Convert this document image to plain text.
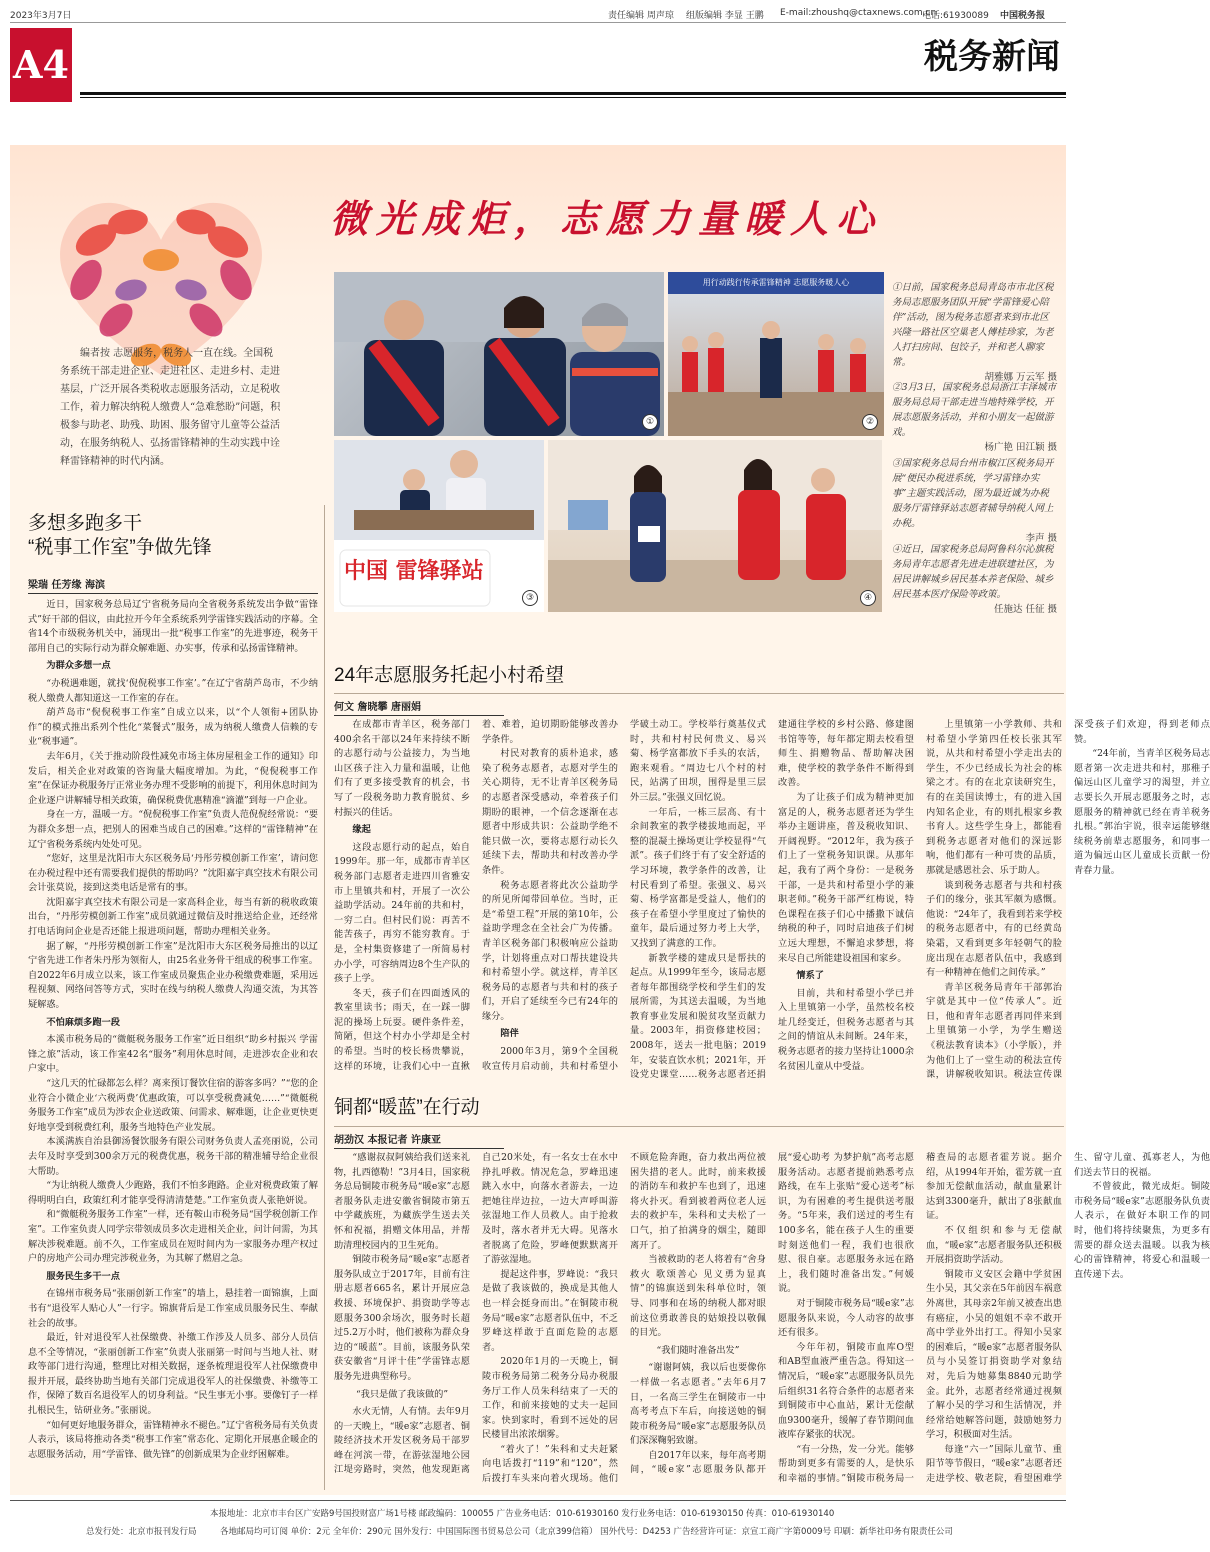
2023年3月7日	责任编辑 周声琼 组版编辑 李显 王鹏 E-mail:zhoushq@ctaxnews.com.cn
电话:61930089 中国税务报
A4	税务新闻
微光成炬，志愿力量暖人心
编者按 志愿服务，税务人一直在线。全国税务系统干部走进企业、走进社区、走进乡村、走进基层，广泛开展各类税收志愿服务活动，立足税收工作，着力解决纳税人缴费人“急难愁盼”问题，积极参与助老、助残、助困、服务留守儿童等公益活动，在服务纳税人、弘扬雷锋精神的生动实践中诠释雷锋精神的时代内涵。
①
用行动践行传承雷锋精神 志愿服务暖人心
②
中国 雷锋驿站
③	④
①日前，国家税务总局青岛市市北区税务局志愿服务团队开展“学雷锋爱心陪伴”活动，图为税务志愿者来到市北区兴隆一路社区空巢老人傅桂珍家，为老人打扫房间、包饺子，并和老人聊家常。
胡雅娜 万云军 摄
②3月3日，国家税务总局浙江丰泽城市服务局总局干部走进当地特殊学校，开展志愿服务活动，并和小朋友一起做游戏。
杨广艳 田江颖 摄
③国家税务总局台州市椒江区税务局开展“便民办税进系统，学习雷锋办实事”主题实践活动，图为最近诚为办税服务厅雷锋驿站志愿者辅导纳税人网上办税。
李声 摄
④近日，国家税务总局阿鲁科尔沁旗税务局青年志愿者先进走进联建社区，为居民讲解城乡居民基本养老保险、城乡居民基本医疗保险等政策。
任施达 任征 摄
多想多跑多干
“税事工作室”争做先锋
梁瑞 任芳缘 海滨

近日，国家税务总局辽宁省税务局向全省税务系统发出争做“雷锋式”好干部的倡议，由此拉开今年全系统系列学雷锋实践活动的序幕。全省14个市级税务机关中，涌现出一批“税事工作室”的先进事迹，税务干部用自己的实际行动为群众解难题、办实事，传承和弘扬雷锋精神。

为群众多想一点

“办税遇难题，就找‘倪倪税事工作室’。”在辽宁省葫芦岛市，不少纳税人缴费人都知道这一工作室的存在。

葫芦岛市“倪倪税事工作室”自成立以来，以“个人领衔+团队协作”的模式推出系列个性化“菜餐式”服务，成为纳税人缴费人信赖的专业“税事通”。

去年6月，《关于推动阶段性减免市场主体房屋租金工作的通知》印发后，相关企业对政策的咨询量大幅度增加。为此，“倪倪税事工作室”在保证办税服务厅正常业务办理不受影响的前提下，利用休息时间为企业逐户讲解辅导相关政策，确保税费优惠精准“滴灌”到每一户企业。

身在一方，温暖一方。“倪倪税事工作室”负责人范倪倪经常说：“要为群众多想一点，把别人的困难当成自己的困难。”这样的“雷锋精神”在辽宁省税务系统内处处可见。

“您好，这里是沈阳市大东区税务局‘丹彤劳模创新工作室’，请问您在办税过程中还有需要我们提供的帮助吗？”沈阳嘉宇真空技术有限公司会计张莫说，接到这类电话是常有的事。

沈阳嘉宇真空技术有限公司是一家高科企业，每当有新的税收政策出台，“丹彤劳模创新工作室”成员就通过微信及时推送给企业，还经常打电话询问企业是否还能上报进项问题，帮助办理相关业务。

据了解，“丹彤劳模创新工作室”是沈阳市大东区税务局推出的以辽宁省先进工作者朱丹彤为领衔人，由25名业务骨干组成的税事工作室。自2022年6月成立以来，该工作室成员聚焦企业办税缴费难题，采用远程视频、网络问答等方式，实时在线与纳税人缴费人沟通交流，为其答疑解惑。

不怕麻烦多跑一段

本溪市税务局的“微艇税务服务工作室”近日组织“助乡村振兴 学雷锋之旅”活动，该工作室42名“服务”利用休息时间，走进涉农企业和农户家中。

“这几天的忙碌都怎么样？离来预订餐饮住宿的游客多吗？”“您的企业符合小微企业‘六税两费’优惠政策，可以享受税费减免……”“微艇税务服务工作室”成员为涉农企业送政策、问需求、解难题，让企业更快更好地享受到税费红利，服务当地特色产业发展。

本溪满族自治县御汤餐饮服务有限公司财务负责人孟亮丽说，公司去年及时享受到300余万元的税费优惠，税务干部的精准辅导给企业很大帮助。

“为让纳税人缴费人少跑路，我们不怕多跑路。企业对税费政策了解得明明白白，政策红利才能享受得清清楚楚。”工作室负责人张艳妍说。

和“微艇税务服务工作室”一样，还有鞍山市税务局“国学税创新工作室”。工作室负责人同学宗带领成员多次走进相关企业，问计问需，为其解决涉税难题。前不久，工作室成员在短时间内为一家服务办理产权过户的房地产公司办理完涉税业务，为其解了燃眉之急。

服务民生多干一点

在锦州市税务局“张丽创新工作室”的墙上，悬挂着一面锦旗，上面书有“退役军人贴心人”一行字。锦旗背后是工作室成员服务民生、奉献社会的故事。

最近，针对退役军人社保缴费、补缴工作涉及人员多、部分人员信息不全等情况，“张丽创新工作室”负责人张丽第一时间与当地人社、财政等部门进行沟通，整理比对相关数据，逐条梳理退役军人社保缴费申报并开展，最终协助当地有关部门完成退役军人的社保缴费、补缴等工作，保障了数百名退役军人的切身利益。“民生事无小事。要像钉子一样扎根民生，钻研业务。”张丽说。

“如何更好地服务群众，雷锋精神永不褪色。”辽宁省税务局有关负责人表示，该局将推动各类“税事工作室”常态化、定期化开展惠企暖企的志愿服务活动，用“学雷锋、做先锋”的创新成果为企业纾困解难。

24年志愿服务托起小村希望
何文 詹晓攀 唐丽娟

在成都市青羊区，税务部门400余名干部以24年来持续不断的志愿行动与公益接力，为当地山区孩子注入力量和温暖，让他们有了更多接受教育的机会，书写了一段税务助力教育脱贫、乡村振兴的佳话。

缘起

这段志愿行动的起点，始自1999年。那一年，成都市青羊区税务部门志愿者走进四川省雅安市上里镇共和村，开展了一次公益助学活动。24年前的共和村，一穷二白。但村民们说：再苦不能苦孩子，再穷不能穷教育。于是，全村集资修建了一所简易村办小学，可容纳周边8个生产队的孩子上学。

冬天，孩子们在四面透风的教室里读书；雨天，在一踩一脚泥的操场上玩耍。硬件条件差，简陋，但这个村办小学却是全村的希望。当时的校长杨贵攀说，这样的环境，让我们心中一直揪着、难着，迫切期盼能够改善办学条件。

村民对教育的质朴追求，感染了税务志愿者，志愿对学生的关心期待，无不让青羊区税务局的志愿者深受感动，牵着孩子们期盼的眼神，一个信念逐渐在志愿者中形成共识：公益助学绝不能只做一次，要将志愿行动长久延续下去，帮助共和村改善办学条件。

税务志愿者将此次公益助学的所见所闻带回单位。当时，正是“希望工程”开展的第10年，公益助学理念在全社会广为传播。青羊区税务部门积极响应公益助学，计划将重点对口帮扶建设共和村希望小学。就这样，青羊区税务局的志愿者与共和村的孩子们，开启了延续至今已有24年的缘分。

陪伴

2000年3月，第9个全国税收宣传月启动前，共和村希望小学破土动工。学校举行奠基仪式时，共和村村民何贵义、易兴菊、杨学富都放下手头的农活，跑来观看。“周边七八个村的村民，站满了田坝，围得是里三层外三层。”张强义回忆说。

一年后，一栋三层高、有十余间教室的教学楼拔地而起，平整的混凝土操场更让学校显得“气派”。孩子们终于有了安全舒适的学习环境，教学条件的改善，让村民看到了希望。张强义、易兴菊、杨学富都是受益人，他们的孩子在希望小学里度过了愉快的童年，最后通过努力考上大学，又找到了满意的工作。

新教学楼的建成只是帮扶的起点。从1999年至今，该局志愿者每年都围绕学校和学生们的发展所需，为其送去温暖，为当地教育事业发展和脱贫攻坚贡献力量。2003年，捐资修建校园；2008年，送去一批电脑；2019年，安装直饮水机；2021年，开设党史课堂……税务志愿者还捐建通往学校的乡村公路、修建图书馆等等，每年都定期去校看望师生、捐赠物品、帮助解决困难，使学校的教学条件不断得到改善。

为了让孩子们成为精神更加富足的人，税务志愿者还为学生举办主题讲座，普及税收知识、开阔视野。“2012年，我为孩子们上了一堂税务知识课。从那年起，我有了两个身份：一是税务干部，一是共和村希望小学的兼职老师。”税务干部严红梅说，特色课程在孩子们心中播撒下诚信纳税的种子，同时启迪孩子们树立远大理想，不懈追求梦想，将来尽自己所能建设祖国和家乡。

情系了

目前，共和村希望小学已并入上里镇第一小学，虽然校名校址几经变迁，但税务志愿者与其之间的情谊从未间断。24年来，税务志愿者的接力坚持让1000余名贫困儿童从中受益。

上里镇第一小学教师、共和村希望小学第四任校长张其军说，从共和村希望小学走出去的学生，不少已经成长为社会的栋梁之才。有的在北京读研究生，有的在美国读博士，有的进入国内知名企业，有的则扎根家乡教书育人。这些学生身上，都能看到税务志愿者对他们的深远影响，他们都有一种可贵的品质，那就是感恩社会、乐于助人。

谈到税务志愿者与共和村孩子们的缘分，张其军颇为感慨。他说：“24年了，我看到若来学校的税务志愿者中，有的已经黄岛染霜，又看到更多年轻朝气的脸庞出现在志愿者队伍中，我感到有一种精神在他们之间传承。”

青羊区税务局青年干部郭治宇就是其中一位“传承人”。近日，他和青年志愿者再同伴来到上里镇第一小学，为学生赠送《税法教育读本》（小学版），并为他们上了一堂生动的税法宣传课，讲解税收知识。税法宣传课深受孩子们欢迎，得到老师点赞。

“24年前，当青羊区税务局志愿者第一次走进共和村，那稚子偏远山区儿童学习的渴望，并立志要长久开展志愿服务之时，志愿服务的精神就已经在青羊税务扎根。”郭治宇说，很幸运能够继续税务前辈志愿服务，和同事一道为偏远山区儿童成长贡献一份青春力量。

铜都“暖蓝”在行动
胡劲汉 本报记者 许康亚

“感谢叔叔阿姨给我们送来礼物，扎西德勒！”3月4日，国家税务总局铜陵市税务局“暖e家”志愿者服务队走进安徽省铜陵市第五中学藏族班，为藏族学生送去关怀和祝福，捐赠文体用品，并帮助清理校园内的卫生死角。

铜陵市税务局“暖e家”志愿者服务队成立于2017年，目前有注册志愿者665名，累计开展应急救援、环境保护、捐资助学等志愿服务300余场次，服务时长超过5.2万小时，他们被称为群众身边的“暖蓝”。目前，该服务队荣获安徽省“月评十佳”学雷锋志愿服务先进典型称号。

“我只是做了我该做的”

水火无情，人有情。去年9月的一天晚上，“暖e家”志愿者、铜陵经济技术开发区税务局干部罗峰在河滨一带，在游弦湿地公园江堤旁路时，突然，他发现距离自己20米处，有一名女士在水中挣扎呼救。情况危急，罗峰迅速跳入水中，向落水者游去，一边把她往岸边拉，一边大声呼叫游弦湿地工作人员救人。由于抢救及时，落水者并无大碍。见落水者脱离了危险，罗峰便默默离开了游弦湿地。

提起这件事，罗峰说：“我只是做了我该做的，换成是其他人也一样会挺身而出。”在铜陵市税务局“暖e家”志愿者队伍中，不乏罗峰这样敢于直面危险的志愿者。

2020年1月的一天晚上，铜陵市税务局第二税务分局办税服务厅工作人员朱科结束了一天的工作，和前来接她的丈夫一起回家。快到家时，看到不远处的居民楼冒出浓浓烟雾。

“着火了！”朱科和丈夫赶紧向电话拨打“119”和“120”，然后拨打车头来向着火现场。他们不顾危险奔跑，奋力救出两位被困失措的老人。此时，前来救援的消防车和救护车也到了，迅速将火扑灭。看到被着两位老人远去的救护车，朱科和丈夫松了一口气，拍了拍满身的烟尘，随即离开了。

当被救助的老人将着有“舍身救火 歌颂善心 见义勇为显真情”的锦旗送到朱科单位时，领导、同事和在场的纳税人都对眼前这位勇敢善良的姑娘投以敬佩的目光。

“我们随时准备出发”

“谢谢阿姨，我以后也要像你一样做一名志愿者。”去年6月7日，一名高三学生在铜陵市一中高考考点下车后，向接送她的铜陵市税务局“暖e家”志愿服务队员们深深鞠躬致谢。

自2017年以来，每年高考期间，“暖e家”志愿服务队都开展“爱心助考 为梦护航”高考志愿服务活动。志愿者提前熟悉考点路线，在车上张贴“爱心送考”标识，为有困难的考生提供送考服务。“5年来，我们送过的考生有100多名，能在孩子人生的重要时刻送他们一程，我们也很欣慰、很自豪。志愿服务永远在路上，我们随时准备出发。”何媛说。

对于铜陵市税务局“暖e家”志愿服务队来说，今人动容的故事还有很多。

今年年初，铜陵市血库O型和AB型血液严重告急。得知这一情况后，“暖e家”志愿服务队员先后组织31名符合条件的志愿者来到铜陵市中心血站，累计无偿献血9300毫升，缓解了春节期间血液库存紧张的状况。

“有一分热，发一分光。能够帮助到更多有需要的人，是快乐和幸福的事情。”铜陵市税务局一稽查局的志愿者霍芳说。据介绍，从1994年开始，霍芳就一直参加无偿献血活动，献血量累计达到3300毫升，献出了8张献血证。

不仅组织和参与无偿献血，“暖e家”志愿者服务队还积极开展捐资助学活动。

铜陵市义安区会籍中学贫困生小吴，其父亲在5年前因车祸意外离世，其母亲2年前又被查出患有癌症，小吴的姐姐不幸不敢开高中学业外出打工。得知小吴家的困难后，“暖e家”志愿者服务队员与小吴签订捐资助学对象结对，先后为她募集8840元助学金。此外，志愿者经常通过视频了解小吴的学习和生活情况，并经常给她解答问题，鼓励她努力学习，积极面对生活。

每逢“六一”国际儿童节、重阳节等节假日，“暖e家”志愿者还走进学校、敬老院，看望困难学生、留守儿童、孤寡老人，为他们送去节日的祝福。

不曾彼此，微光成炬。铜陵市税务局“暖e家”志愿服务队负责人表示，在做好本职工作的同时，他们将持续聚焦，为更多有需要的群众送去温暖。以我为核心的雷锋精神，将爱心和温暖一直传递下去。

本报地址：北京市丰台区广安路9号国投财富广场1号楼 邮政编码：100055 广告业务电话：010-61930160 发行业务电话：010-61930150 传真：010-61930140
总发行处：北京市报刊发行局	各地邮局均可订阅 单价：2元 全年价：290元 国外发行：中国国际图书贸易总公司（北京399信箱） 国外代号：D4253 广告经营许可证：京宣工商广字第0009号 印刷：新华社印务有限责任公司
